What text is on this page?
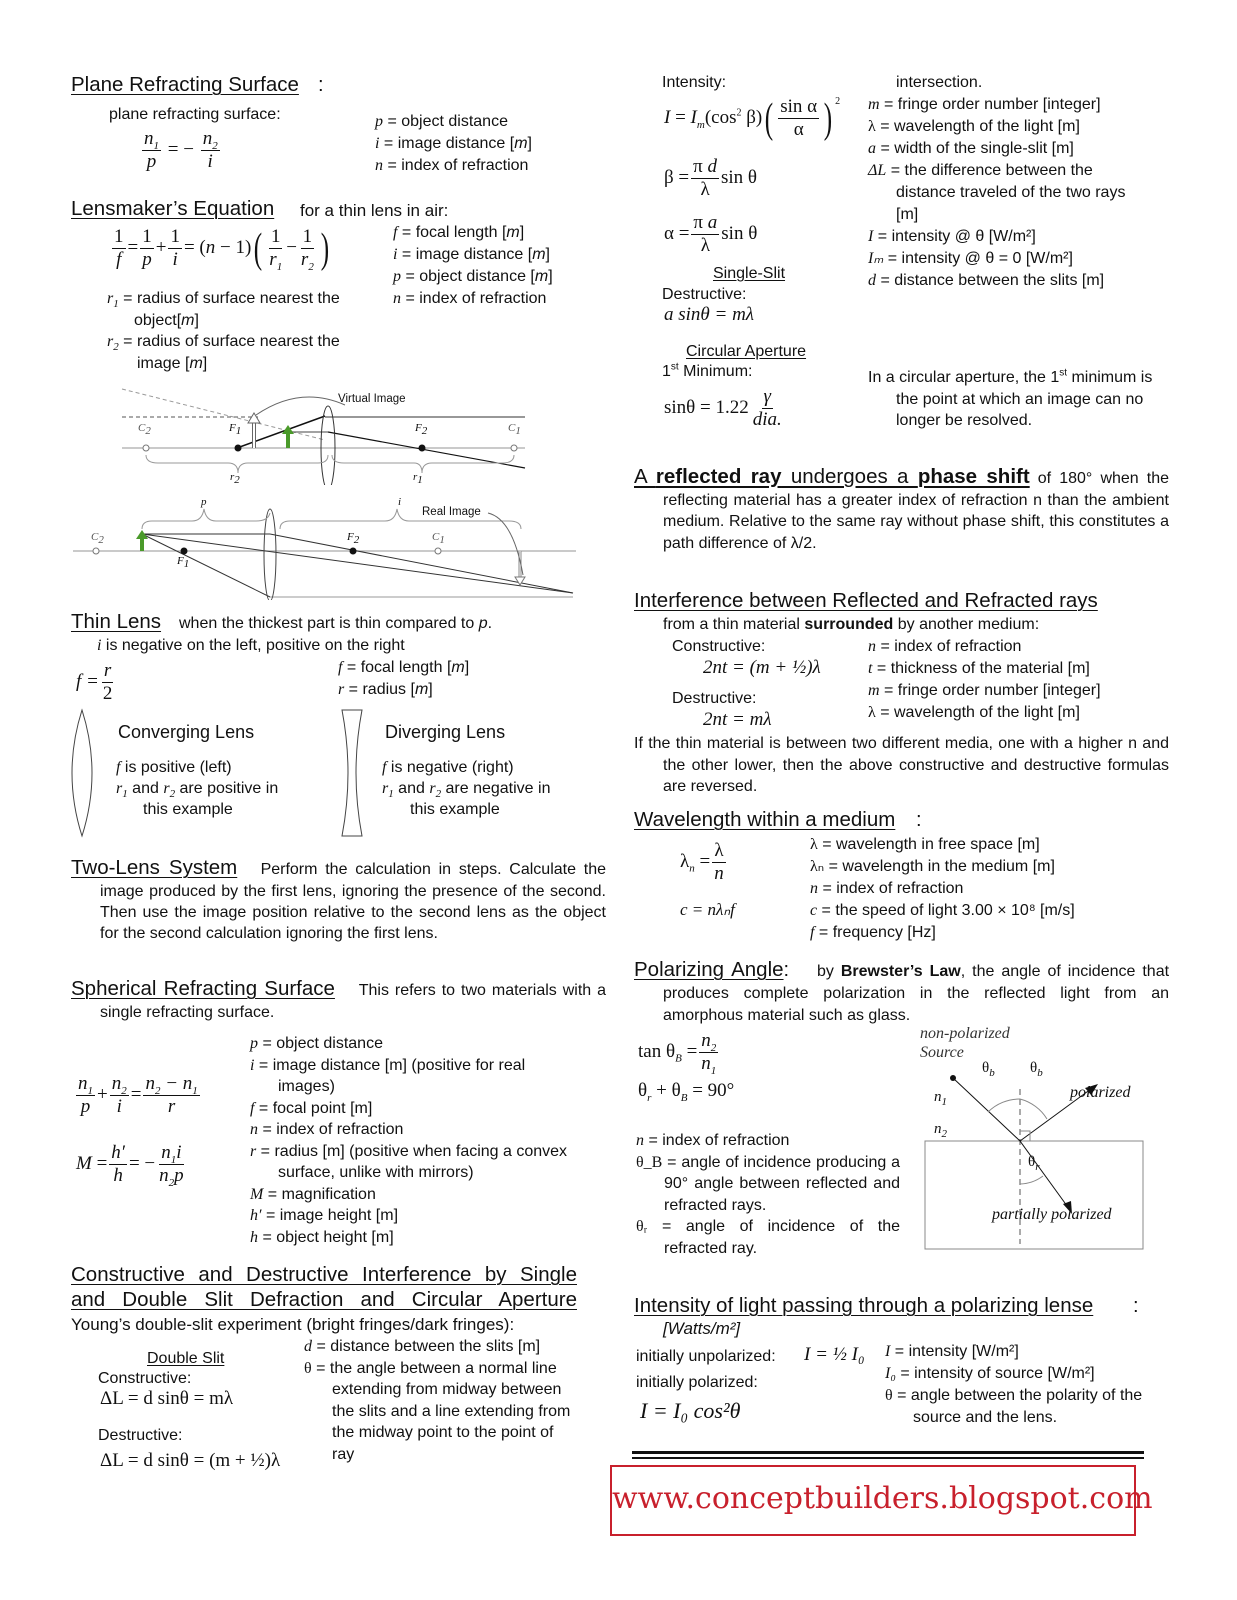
Plane Refracting Surface :
plane refracting surface:
$\frac{n_1}{p}$ = − $\frac{n_2}{i}$
p = object distance
i = image distance [m]
n = index of refraction
Lensmaker’s Equation for a thin lens in air:
$\frac{1}{f} = \frac{1}{p} + \frac{1}{i} = (n - 1)( \frac{1}{r_1} - \frac{1}{r_2}$ )
$r_1$ = radius of surface nearest the
object[m]
$r_2$ = radius of surface nearest the
image [m]
f = focal length [m]
i = image distance [m]
p = object distance [m]
n = index of refraction
Virtual Image
$C_2$	$F_1$	$F_2$	$C_1$
$r_2$	$r_1$
Real Image
p	i
$C_2$
$F_1$
$F_2$	$C_1$
Thin Lens when the thickest part is thin compared to p.
i is negative on the left, positive on the right
$f = \frac{r}{2}$	f = focal length [m]
r = radius [m]
Converging Lens
f is positive (left)
$r_1$ and $r_2$ are positive in
this example
Diverging Lens
f is negative (right)
$r_1$ and $r_2$ are negative in
this example
Two-Lens System Perform the calculation in steps. Calculate the image produced by the first lens, ignoring the presence of the second. Then use the image position relative to the second lens as the object for the second calculation ignoring the first lens.
Spherical Refracting Surface This refers to two materials with a single refracting surface.
$\frac{n_1}{p} + \frac{n_2}{i} = \frac{n_2 - n_1}{r}$
$M = \frac{h'}{h}$ = − $\frac{n_1i}{n_2p}$
p = object distance
i = image distance [m] (positive for real images)
f = focal point [m]
n = index of refraction
r = radius [m] (positive when facing a convex surface, unlike with mirrors)
M = magnification
h′ = image height [m]
h = object height [m]
Constructive and Destructive Interference by Single
and Double Slit Defraction and Circular Aperture
Young’s double-slit experiment (bright fringes/dark fringes):
Double Slit
Constructive:
ΔL = d sinθ = mλ
Destructive:
ΔL = d sinθ = (m + ½)λ
d = distance between the slits [m]
θ = the angle between a normal line extending from midway between the slits and a line extending from the midway point to the point of ray
Intensity:
$I = I_m(\cos^2$ $\beta)( \frac{\text{sin α}}{\alpha}$ ) $^2$
$\beta = \frac{\text{π d}}{\lambda}$ sin θ
$\alpha = \frac{\text{π a}}{\lambda}$ sin θ
Single-Slit
Destructive:
a sinθ = mλ
intersection.
m = fringe order number [integer]
λ = wavelength of the light [m]
a = width of the single-slit [m]
ΔL = the difference between the distance traveled of the two rays [m]
I = intensity @ θ [W/m²]
Iₘ = intensity @ θ = 0 [W/m²]
d = distance between the slits [m]
Circular Aperture
1st Minimum:
$\sin\theta = 1.22 \frac{\gamma}{\text{dia.}}$
In a circular aperture, the 1st minimum is the point at which an image can no longer be resolved.
A reflected ray undergoes a phase shift of 180° when the reflecting material has a greater index of refraction n than the ambient medium. Relative to the same ray without phase shift, this constitutes a path difference of λ/2.
Interference between Reflected and Refracted rays
from a thin material surrounded by another medium:
Constructive:
2nt = (m + ½)λ
Destructive:
2nt = mλ
n = index of refraction
t = thickness of the material [m]
m = fringe order number [integer]
λ = wavelength of the light [m]
If the thin material is between two different media, one with a higher n and the other lower, then the above constructive and destructive formulas are reversed.
Wavelength within a medium :
$\lambda_n = \frac{\lambda}{n}$
c = nλₙf
λ = wavelength in free space [m]
λₙ = wavelength in the medium [m]
n = index of refraction
c = the speed of light 3.00 × 10⁸ [m/s]
f = frequency [Hz]
Polarizing Angle: by Brewster’s Law, the angle of incidence that produces complete polarization in the reflected light from an amorphous material such as glass.
$\tan \theta_B = \frac{n_2}{n_1}$
$\theta_r + \theta_B = 90^\circ$
n = index of refraction
θ_B = angle of incidence producing a 90° angle between reflected and refracted rays.
θᵣ = angle of incidence of the refracted ray.
non-polarized
Source
$\theta_b$ $\theta_b$
polarized
$n_1$
$n_2$
$\theta_r$
partially polarized
Intensity of light passing through a polarizing lense :
[Watts/m²]
initially unpolarized: I = ½ I₀
initially polarized:
I = I₀ cos²θ
I = intensity [W/m²]
I₀ = intensity of source [W/m²]
θ = angle between the polarity of the source and the lens.
www.conceptbuilders.blogspot.com
